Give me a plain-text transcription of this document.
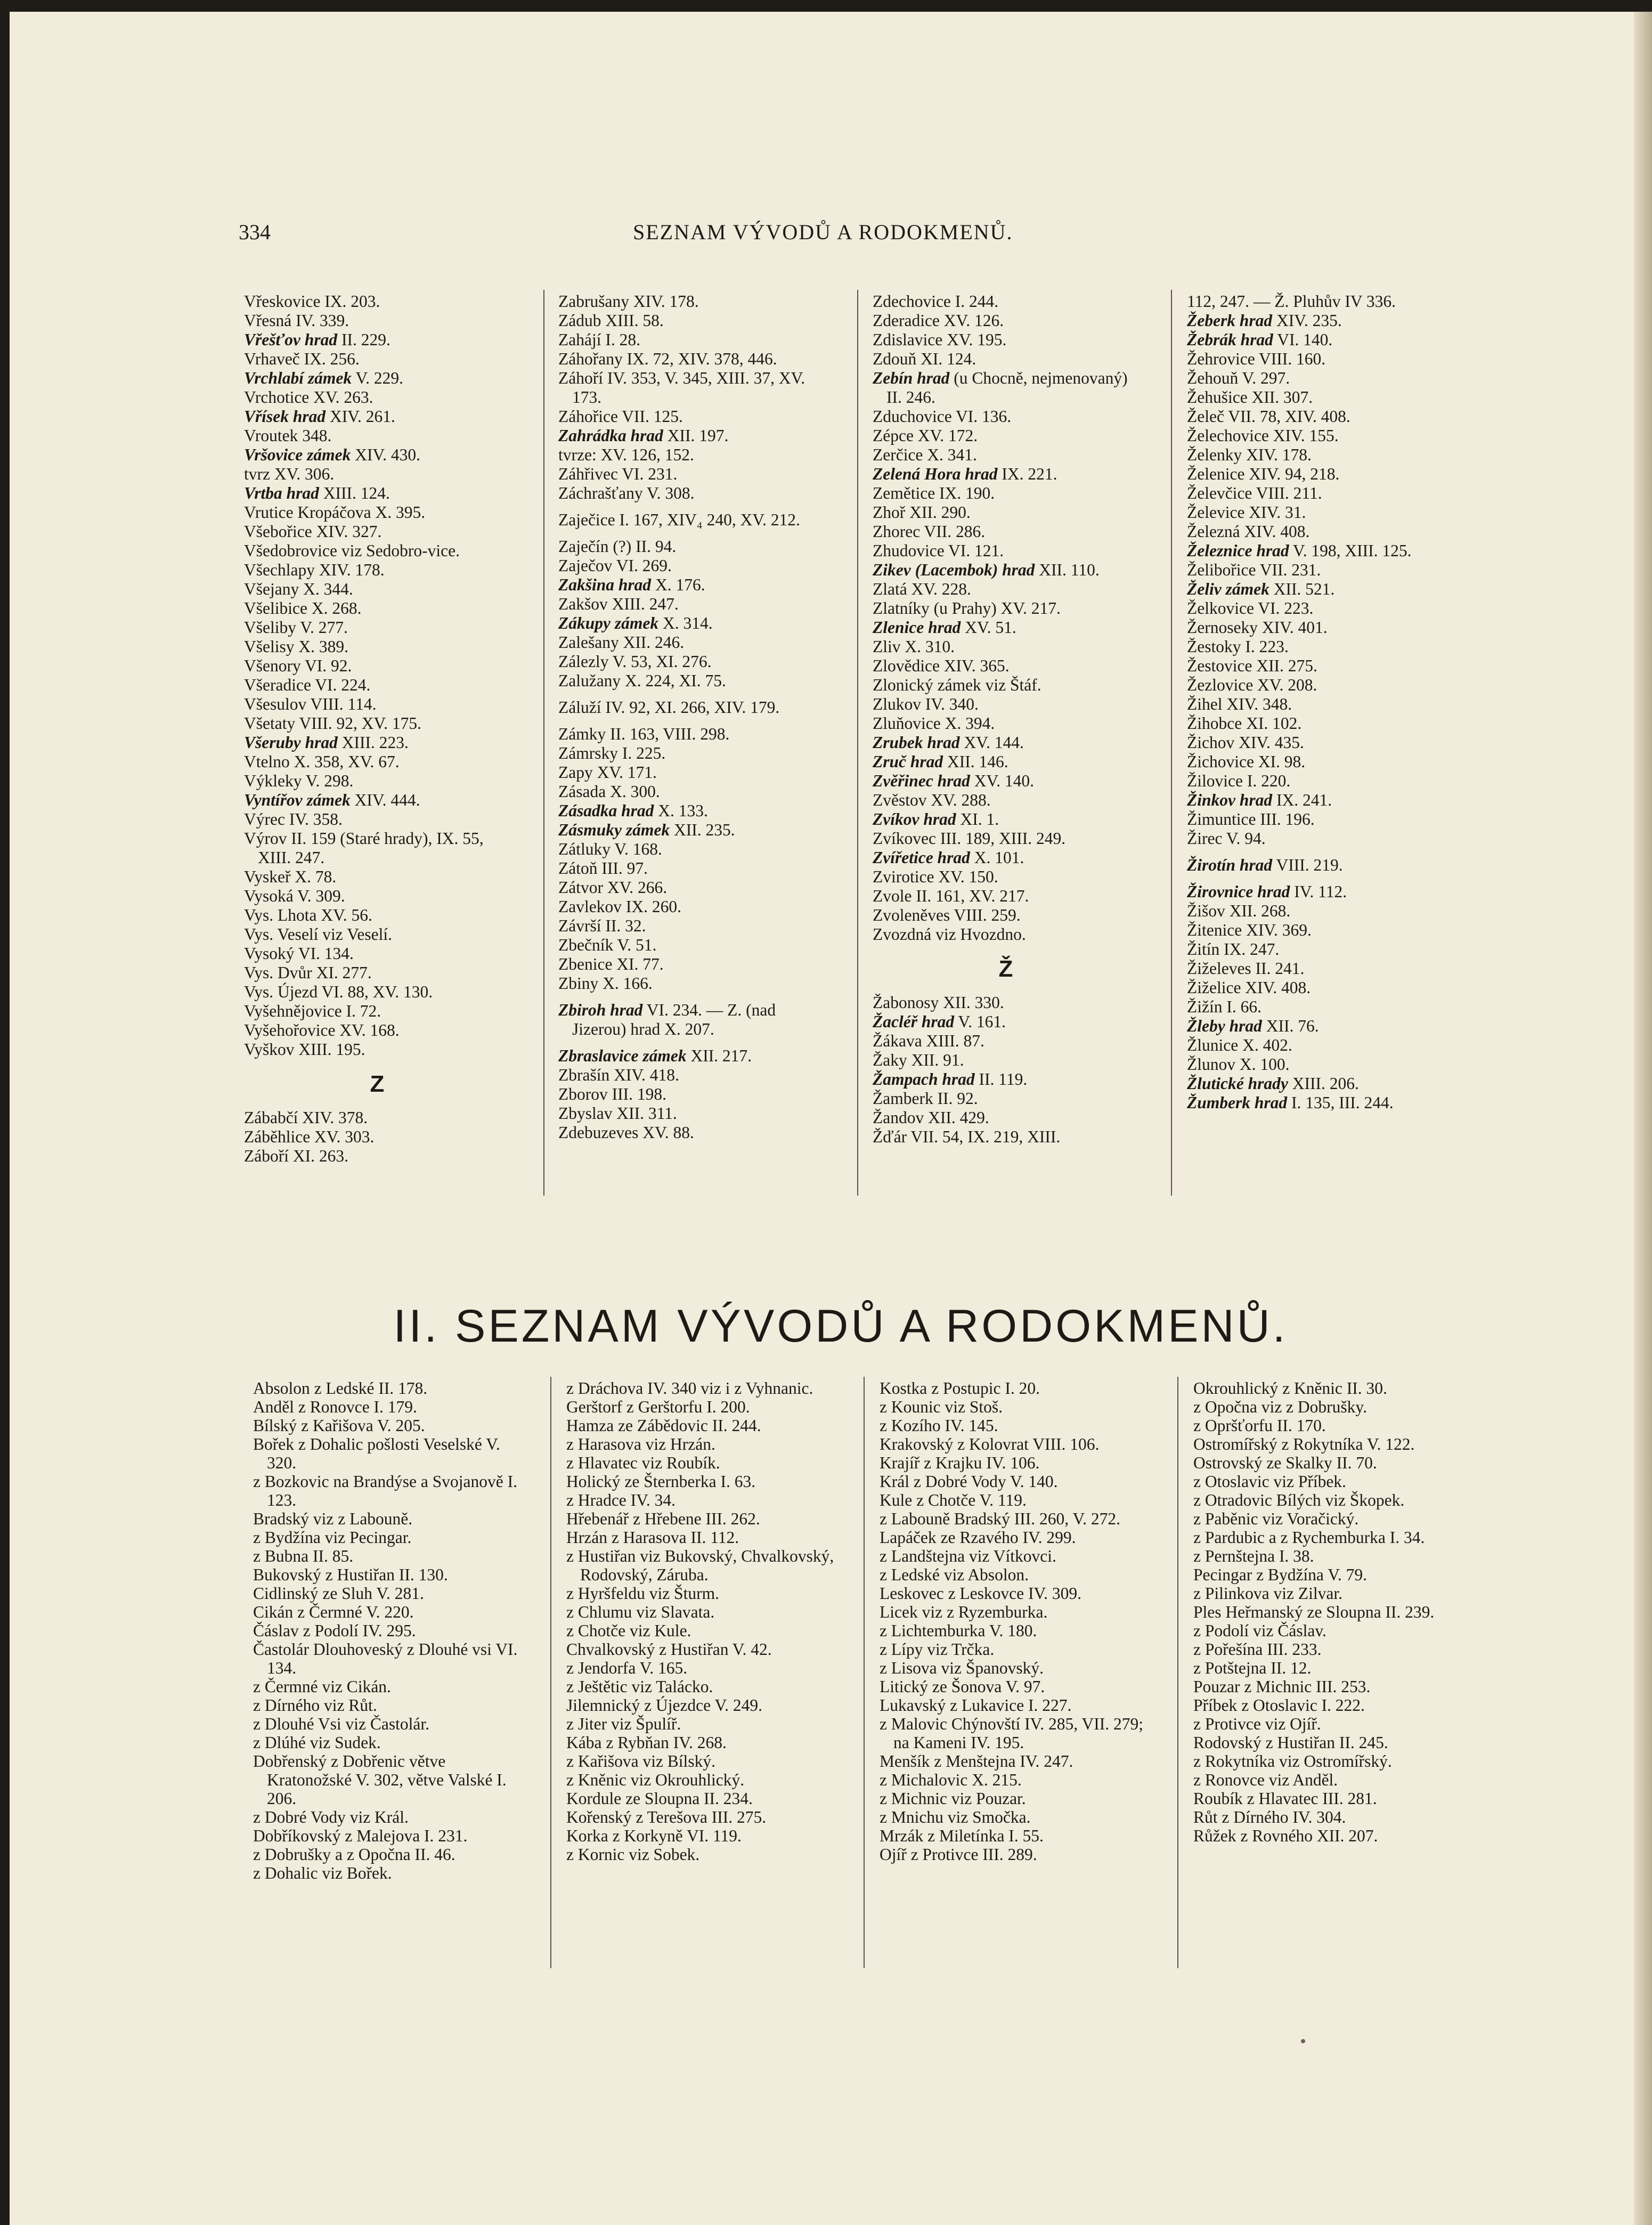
334	SEZNAM VÝVODŮ A RODOKMENŮ.
Vřeskovice IX. 203.
Vřesná IV. 339.
Vřešťov hrad II. 229.
Vrhaveč IX. 256.
Vrchlabí zámek V. 229.
Vrchotice XV. 263.
Vřísek hrad XIV. 261.
Vroutek 348.
Vršovice zámek XIV. 430.
tvrz XV. 306.
Vrtba hrad XIII. 124.
Vrutice Kropáčova X. 395.
Všebořice XIV. 327.
Všedobrovice viz Sedobro-vice.
Všechlapy XIV. 178.
Všejany X. 344.
Všelibice X. 268.
Všeliby V. 277.
Všelisy X. 389.
Všenory VI. 92.
Všeradice VI. 224.
Všesulov VIII. 114.
Všetaty VIII. 92, XV. 175.
Všeruby hrad XIII. 223.
Vtelno X. 358, XV. 67.
Výkleky V. 298.
Vyntířov zámek XIV. 444.
Výrec IV. 358.
Výrov II. 159 (Staré hrady), IX. 55, XIII. 247.
Vyskeř X. 78.
Vysoká V. 309.
Vys. Lhota XV. 56.
Vys. Veselí viz Veselí.
Vysoký VI. 134.
Vys. Dvůr XI. 277.
Vys. Újezd VI. 88, XV. 130.
Vyšehnějovice I. 72.
Vyšehořovice XV. 168.
Vyškov XIII. 195.
Z
Zábabčí XIV. 378.
Záběhlice XV. 303.
Záboří XI. 263.
Zabrušany XIV. 178.
Zádub XIII. 58.
Zahájí I. 28.
Záhořany IX. 72, XIV. 378, 446.
Záhoří IV. 353, V. 345, XIII. 37, XV. 173.
Záhořice VII. 125.
Zahrádka hrad XII. 197.
tvrze: XV. 126, 152.
Záhřivec VI. 231.
Záchrašťany V. 308.
Zaječice I. 167, XIV₄ 240, XV. 212.
Zaječín (?) II. 94.
Zaječov VI. 269.
Zakšina hrad X. 176.
Zakšov XIII. 247.
Zákupy zámek X. 314.
Zalešany XII. 246.
Zálezly V. 53, XI. 276.
Zalužany X. 224, XI. 75.
Záluží IV. 92, XI. 266, XIV. 179.
Zámky II. 163, VIII. 298.
Zámrsky I. 225.
Zapy XV. 171.
Zásada X. 300.
Zásadka hrad X. 133.
Zásmuky zámek XII. 235.
Zátluky V. 168.
Zátoň III. 97.
Zátvor XV. 266.
Zavlekov IX. 260.
Závrší II. 32.
Zbečník V. 51.
Zbenice XI. 77.
Zbiny X. 166.
Zbiroh hrad VI. 234. — Z. (nad Jizerou) hrad X. 207.
Zbraslavice zámek XII. 217.
Zbrašín XIV. 418.
Zborov III. 198.
Zbyslav XII. 311.
Zdebuzeves XV. 88.
Zdechovice I. 244.
Zderadice XV. 126.
Zdislavice XV. 195.
Zdouň XI. 124.
Zebín hrad (u Chocně, nejmenovaný) II. 246.
Zduchovice VI. 136.
Zépce XV. 172.
Zerčice X. 341.
Zelená Hora hrad IX. 221.
Zemětice IX. 190.
Zhoř XII. 290.
Zhorec VII. 286.
Zhudovice VI. 121.
Zikev (Lacembok) hrad XII. 110.
Zlatá XV. 228.
Zlatníky (u Prahy) XV. 217.
Zlenice hrad XV. 51.
Zliv X. 310.
Zlovědice XIV. 365.
Zlonický zámek viz Štáf.
Zlukov IV. 340.
Zluňovice X. 394.
Zrubek hrad XV. 144.
Zruč hrad XII. 146.
Zvěřinec hrad XV. 140.
Zvěstov XV. 288.
Zvíkov hrad XI. 1.
Zvíkovec III. 189, XIII. 249.
Zvířetice hrad X. 101.
Zvirotice XV. 150.
Zvole II. 161, XV. 217.
Zvoleněves VIII. 259.
Zvozdná viz Hvozdno.
Ž
Žabonosy XII. 330.
Žacléř hrad V. 161.
Žákava XIII. 87.
Žaky XII. 91.
Žampach hrad II. 119.
Žamberk II. 92.
Žandov XII. 429.
Žďár VII. 54, IX. 219, XIII.
112, 247. — Ž. Pluhův IV 336.
Žeberk hrad XIV. 235.
Žebrák hrad VI. 140.
Žehrovice VIII. 160.
Žehouň V. 297.
Žehušice XII. 307.
Želeč VII. 78, XIV. 408.
Želechovice XIV. 155.
Želenky XIV. 178.
Želenice XIV. 94, 218.
Želevčice VIII. 211.
Želevice XIV. 31.
Železná XIV. 408.
Železnice hrad V. 198, XIII. 125.
Želibořice VII. 231.
Želiv zámek XII. 521.
Želkovice VI. 223.
Žernoseky XIV. 401.
Žestoky I. 223.
Žestovice XII. 275.
Žezlovice XV. 208.
Žihel XIV. 348.
Žihobce XI. 102.
Žichov XIV. 435.
Žichovice XI. 98.
Žilovice I. 220.
Žinkov hrad IX. 241.
Žimuntice III. 196.
Žirec V. 94.
Žirotín hrad VIII. 219.
Žirovnice hrad IV. 112.
Žišov XII. 268.
Žitenice XIV. 369.
Žitín IX. 247.
Žiželeves II. 241.
Žiželice XIV. 408.
Žižín I. 66.
Žleby hrad XII. 76.
Žlunice X. 402.
Žlunov X. 100.
Žlutické hrady XIII. 206.
Žumberk hrad I. 135, III. 244.
II. SEZNAM VÝVODŮ A RODOKMENŮ.
Absolon z Ledské II. 178.
Anděl z Ronovce I. 179.
Bílský z Kařišova V. 205.
Bořek z Dohalic pošlosti Veselské V. 320.
z Bozkovic na Brandýse a Svojanově I. 123.
Bradský viz z Labouně.
z Bydžína viz Pecingar.
z Bubna II. 85.
Bukovský z Hustiřan II. 130.
Cidlinský ze Sluh V. 281.
Cikán z Čermné V. 220.
Čáslav z Podolí IV. 295.
Častolár Dlouhoveský z Dlouhé vsi VI. 134.
z Čermné viz Cikán.
z Dírného viz Růt.
z Dlouhé Vsi viz Častolár.
z Dlúhé viz Sudek.
Dobřenský z Dobřenic větve Kratonožské V. 302, větve Valské I. 206.
z Dobré Vody viz Král.
Dobříkovský z Malejova I. 231.
z Dobrušky a z Opočna II. 46.
z Dohalic viz Bořek.
z Dráchova IV. 340 viz i z Vyhnanic.
Gerštorf z Gerštorfu I. 200.
Hamza ze Zábědovic II. 244.
z Harasova viz Hrzán.
z Hlavatec viz Roubík.
Holický ze Šternberka I. 63.
z Hradce IV. 34.
Hřebenář z Hřebene III. 262.
Hrzán z Harasova II. 112.
z Hustiřan viz Bukovský, Chvalkovský, Rodovský, Záruba.
z Hyršfeldu viz Šturm.
z Chlumu viz Slavata.
z Chotče viz Kule.
Chvalkovský z Hustiřan V. 42.
z Jendorfa V. 165.
z Ještětic viz Talácko.
Jilemnický z Újezdce V. 249.
z Jiter viz Špulíř.
Kába z Rybňan IV. 268.
z Kařišova viz Bílský.
z Kněnic viz Okrouhlický.
Kordule ze Sloupna II. 234.
Kořenský z Terešova III. 275.
Korka z Korkyně VI. 119.
z Kornic viz Sobek.
Kostka z Postupic I. 20.
z Kounic viz Stoš.
z Kozího IV. 145.
Krakovský z Kolovrat VIII. 106.
Krajíř z Krajku IV. 106.
Král z Dobré Vody V. 140.
Kule z Chotče V. 119.
z Labouně Bradský III. 260, V. 272.
Lapáček ze Rzavého IV. 299.
z Landštejna viz Vítkovci.
z Ledské viz Absolon.
Leskovec z Leskovce IV. 309.
Licek viz z Ryzemburka.
z Lichtemburka V. 180.
z Lípy viz Trčka.
z Lisova viz Španovský.
Litický ze Šonova V. 97.
Lukavský z Lukavice I. 227.
z Malovic Chýnovští IV. 285, VII. 279; na Kameni IV. 195.
Menšík z Menštejna IV. 247.
z Michalovic X. 215.
z Michnic viz Pouzar.
z Mnichu viz Smočka.
Mrzák z Miletínka I. 55.
Ojíř z Protivce III. 289.
Okrouhlický z Kněnic II. 30.
z Opočna viz z Dobrušky.
z Opršťorfu II. 170.
Ostromířský z Rokytníka V. 122.
Ostrovský ze Skalky II. 70.
z Otoslavic viz Příbek.
z Otradovic Bílých viz Škopek.
z Paběnic viz Voračický.
z Pardubic a z Rychemburka I. 34.
z Pernštejna I. 38.
Pecingar z Bydžína V. 79.
z Pilinkova viz Zilvar.
Ples Heřmanský ze Sloupna II. 239.
z Podolí viz Čáslav.
z Pořešína III. 233.
z Potštejna II. 12.
Pouzar z Michnic III. 253.
Příbek z Otoslavic I. 222.
z Protivce viz Ojíř.
Rodovský z Hustiřan II. 245.
z Rokytníka viz Ostromířský.
z Ronovce viz Anděl.
Roubík z Hlavatec III. 281.
Růt z Dírného IV. 304.
Růžek z Rovného XII. 207.
